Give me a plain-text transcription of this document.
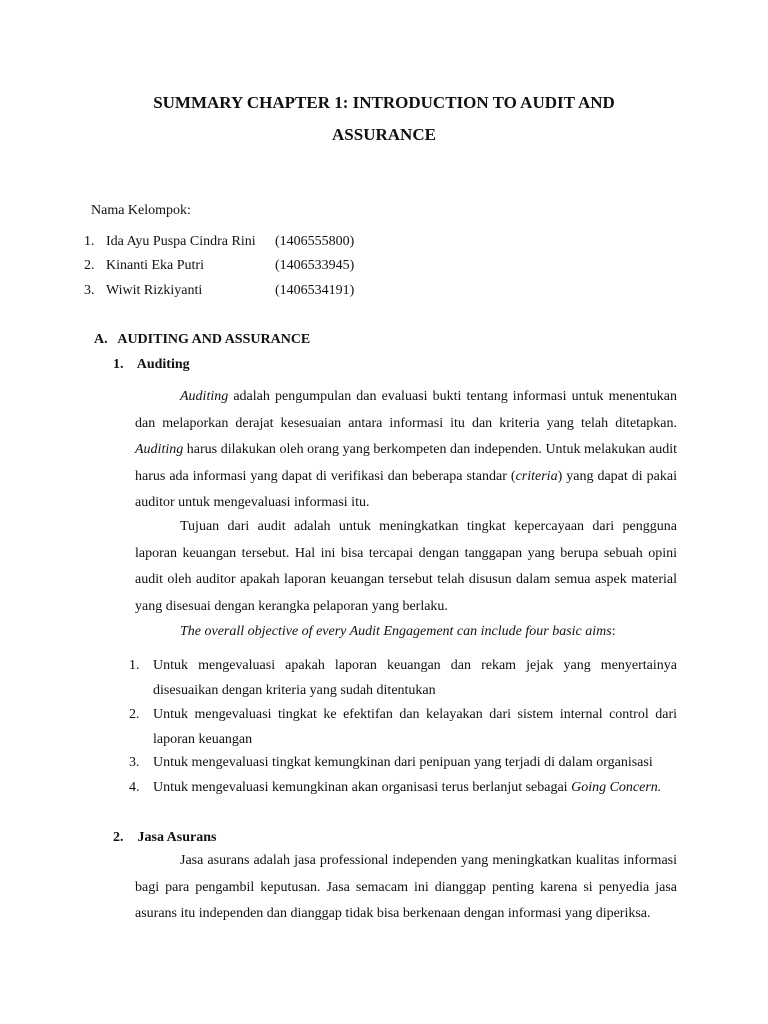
SUMMARY CHAPTER 1: INTRODUCTION TO AUDIT AND
ASSURANCE
Nama Kelompok:
1. Ida Ayu Puspa Cindra Rini (1406555800)
2. Kinanti Eka Putri	(1406533945)
3. Wiwit Rizkiyanti	(1406534191)
A.   AUDITING AND ASSURANCE
1.    Auditing

Auditing adalah pengumpulan dan evaluasi bukti tentang informasi untuk menentukan dan melaporkan derajat kesesuaian antara informasi itu dan kriteria yang telah ditetapkan. Auditing harus dilakukan oleh orang yang berkompeten dan independen. Untuk melakukan audit harus ada informasi yang dapat di verifikasi dan beberapa standar (criteria) yang dapat di pakai auditor untuk mengevaluasi informasi itu.

Tujuan dari audit adalah untuk meningkatkan tingkat kepercayaan dari pengguna laporan keuangan tersebut. Hal ini bisa tercapai dengan tanggapan yang berupa sebuah opini audit oleh auditor apakah laporan keuangan tersebut telah disusun dalam semua aspek material yang disesuai dengan kerangka pelaporan yang berlaku.

The overall objective of every Audit Engagement can include four basic aims:
1. Untuk mengevaluasi apakah laporan keuangan dan rekam jejak yang menyertainya disesuaikan dengan kriteria yang sudah ditentukan
2. Untuk mengevaluasi tingkat ke efektifan dan kelayakan dari sistem internal control dari laporan keuangan
3. Untuk mengevaluasi tingkat kemungkinan dari penipuan yang terjadi di dalam organisasi
4. Untuk mengevaluasi kemungkinan akan organisasi terus berlanjut sebagai Going Concern.
2.    Jasa Asurans

Jasa asurans adalah jasa professional independen yang meningkatkan kualitas informasi bagi para pengambil keputusan. Jasa semacam ini dianggap penting karena si penyedia jasa asurans itu independen dan dianggap tidak bisa berkenaan dengan informasi yang diperiksa.
